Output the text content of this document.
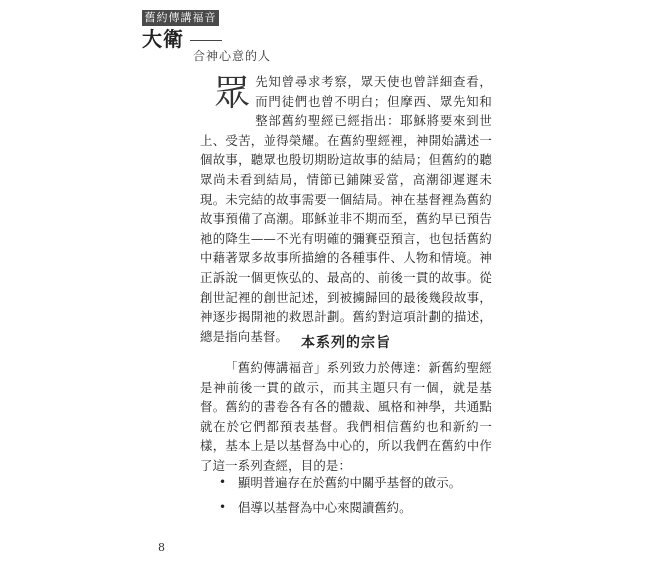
舊約傳講福音
大衛
合神心意的人
眾 先知曾尋求考察，眾天使也曾詳細查看，而門徒們也曾不明白；但摩西、眾先知和整部舊約聖經已經指出：耶穌將要來到世上、受苦，並得榮耀。在舊約聖經裡，神開始講述一個故事，聽眾也殷切期盼這故事的結局；但舊約的聽眾尚未看到結局，情節已鋪陳妥當，高潮卻遲遲未現。未完結的故事需要一個結局。神在基督裡為舊約故事預備了高潮。耶穌並非不期而至，舊約早已預告祂的降生——不光有明確的彌賽亞預言，也包括舊約中藉著眾多故事所描繪的各種事件、人物和情境。神正訴說一個更恢弘的、最高的、前後一貫的故事。從創世記裡的創世記述，到被擄歸回的最後幾段故事，神逐步揭開祂的救恩計劃。舊約對這項計劃的描述，總是指向基督。 本系列的宗旨
「舊約傳講福音」系列致力於傳達：新舊約聖經是神前後一貫的啟示，而其主題只有一個，就是基督。舊約的書卷各有各的體裁、風格和神學，共通點就在於它們都預表基督。我們相信舊約也和新約一樣，基本上是以基督為中心的，所以我們在舊約中作了這一系列查經，目的是：
• 顯明普遍存在於舊約中關乎基督的啟示。
• 倡導以基督為中心來閱讀舊約。
8
